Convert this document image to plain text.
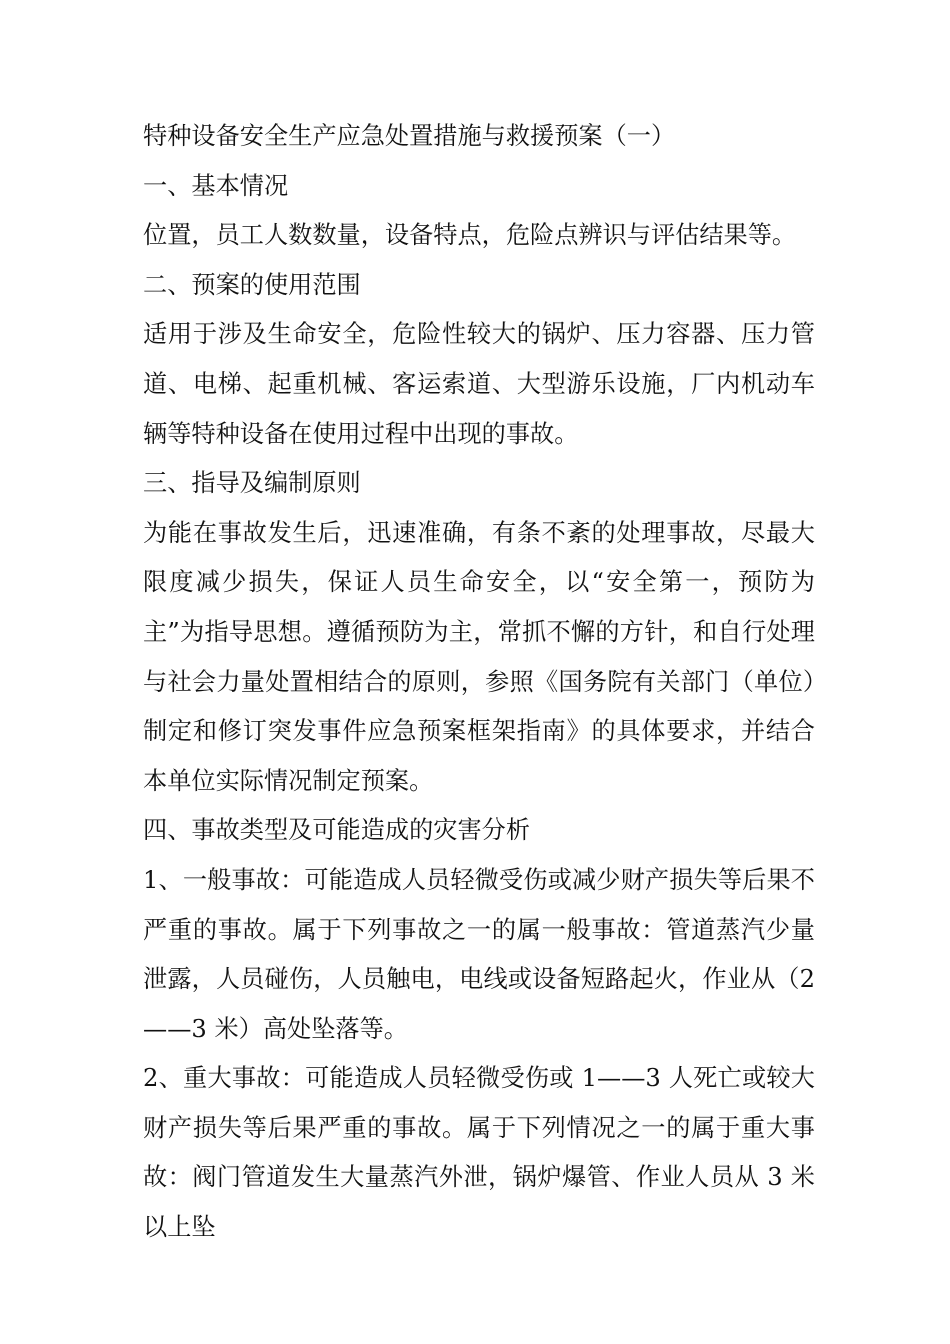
特种设备安全生产应急处置措施与救援预案（一）

一、基本情况

位置，员工人数数量，设备特点，危险点辨识与评估结果等。

二、预案的使用范围

适用于涉及生命安全，危险性较大的锅炉、压力容器、压力管道、电梯、起重机械、客运索道、大型游乐设施，厂内机动车辆等特种设备在使用过程中出现的事故。

三、指导及编制原则

为能在事故发生后，迅速准确，有条不紊的处理事故，尽最大限度减少损失，保证人员生命安全，以“安全第一，预防为主”为指导思想。遵循预防为主，常抓不懈的方针，和自行处理与社会力量处置相结合的原则，参照《国务院有关部门（单位）制定和修订突发事件应急预案框架指南》的具体要求，并结合本单位实际情况制定预案。

四、事故类型及可能造成的灾害分析

1、一般事故：可能造成人员轻微受伤或减少财产损失等后果不严重的事故。属于下列事故之一的属一般事故：管道蒸汽少量泄露，人员碰伤，人员触电，电线或设备短路起火，作业从（2——3 米）高处坠落等。

2、重大事故：可能造成人员轻微受伤或 1——3 人死亡或较大财产损失等后果严重的事故。属于下列情况之一的属于重大事故：阀门管道发生大量蒸汽外泄，锅炉爆管、作业人员从 3 米以上坠
